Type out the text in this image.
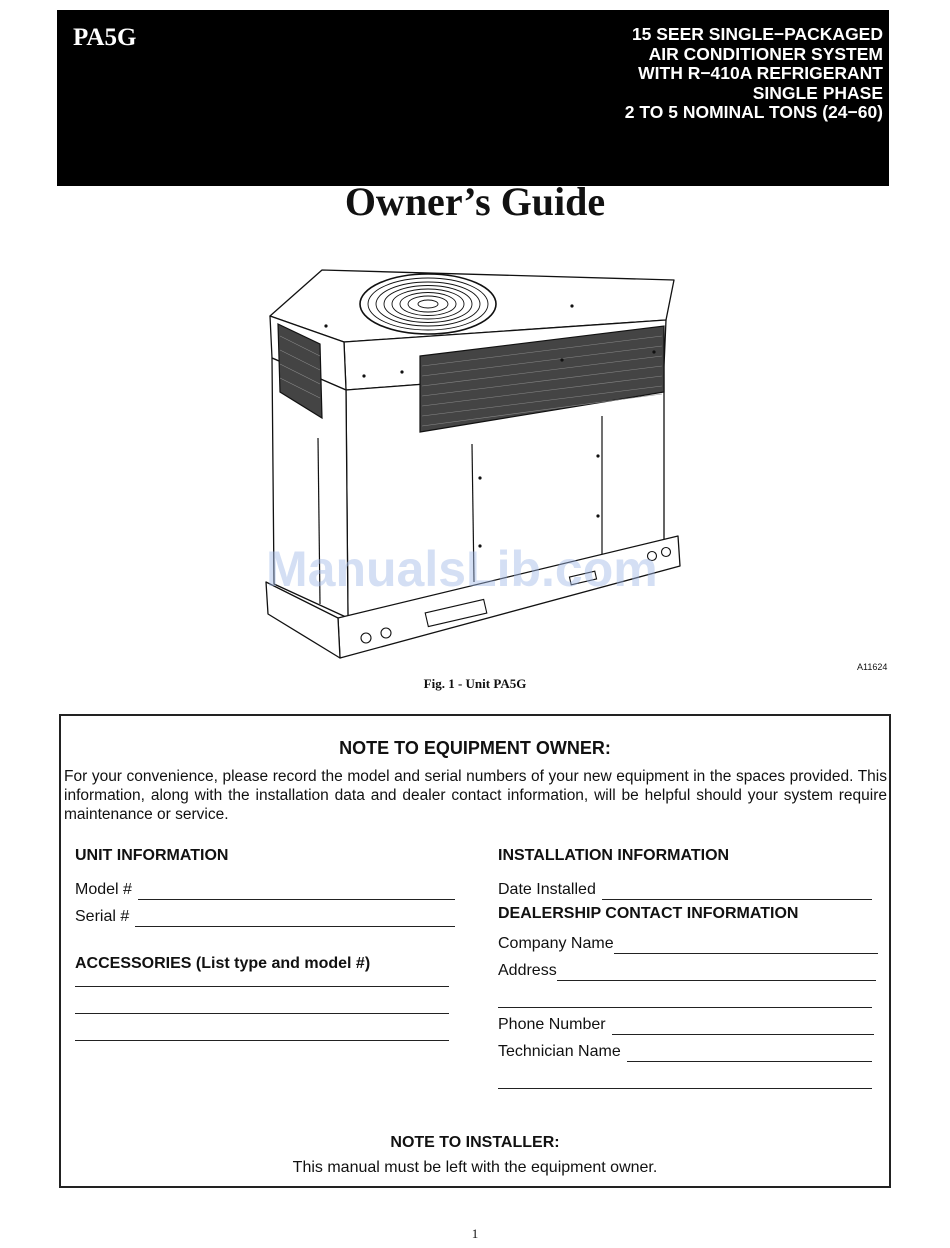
PA5G	15 SEER SINGLE−PACKAGED
AIR CONDITIONER SYSTEM
WITH R−410A REFRIGERANT
SINGLE PHASE
2 TO 5 NOMINAL TONS (24−60)
Owner’s Guide
ManualsLib.com
A11624
Fig. 1 - Unit PA5G
NOTE TO EQUIPMENT OWNER:
For your convenience, please record the model and serial numbers of your new equipment in the spaces provided. This information, along with the installation data and dealer contact information, will be helpful should your system require maintenance or service.
UNIT INFORMATION
Model #
Serial #
ACCESSORIES (List type and model #)
INSTALLATION INFORMATION
Date Installed
DEALERSHIP CONTACT INFORMATION
Company Name
Address
Phone Number
Technician Name
NOTE TO INSTALLER:
This manual must be left with the equipment owner.
1
